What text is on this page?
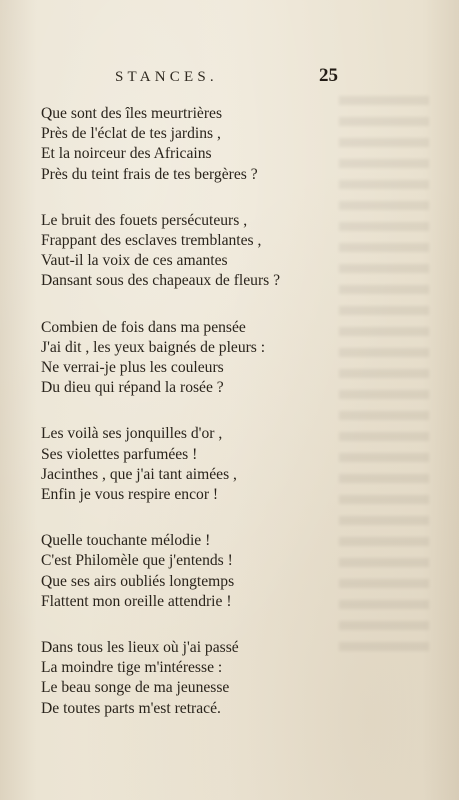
STANCES.	25
Que sont des îles meurtrières
Près de l'éclat de tes jardins ,
Et la noirceur des Africains
Près du teint frais de tes bergères ?
Le bruit des fouets persécuteurs ,
Frappant des esclaves tremblantes ,
Vaut-il la voix de ces amantes
Dansant sous des chapeaux de fleurs ?
Combien de fois dans ma pensée
J'ai dit , les yeux baignés de pleurs :
Ne verrai-je plus les couleurs
Du dieu qui répand la rosée ?
Les voilà ses jonquilles d'or ,
Ses violettes parfumées !
Jacinthes , que j'ai tant aimées ,
Enfin je vous respire encor !
Quelle touchante mélodie !
C'est Philomèle que j'entends !
Que ses airs oubliés longtemps
Flattent mon oreille attendrie !
Dans tous les lieux où j'ai passé
La moindre tige m'intéresse :
Le beau songe de ma jeunesse
De toutes parts m'est retracé.
